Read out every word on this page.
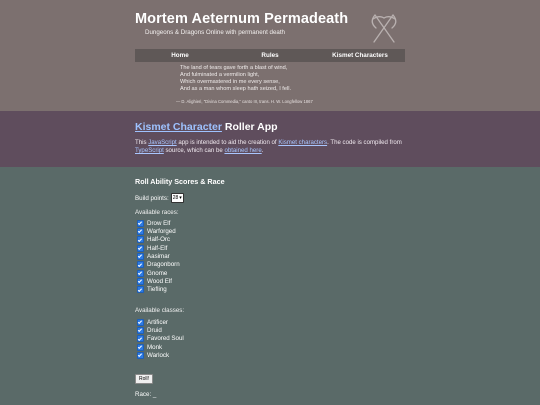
Mortem Aeternum Permadeath
Dungeons & Dragons Online with permanent death
Home	Rules	Kismet Characters
The land of tears gave forth a blast of wind,
And fulminated a vermilion light,
Which overmastered in me every sense,
And as a man whom sleep hath seized, I fell.
— D. Alighieri, "Divina Commedia," canto III, trans. H. W. Longfellow 1867
Kismet Character Roller App
This JavaScript app is intended to aid the creation of Kismet characters. The code is compiled from TypeScript source, which can be obtained here.
Roll Ability Scores & Race
Build points: 28 ▾
Available races:
Drow Elf
Warforged
Half-Orc
Half-Elf
Aasimar
Dragonborn
Gnome
Wood Elf
Tiefling
Available classes:
Artificer
Druid
Favored Soul
Monk
Warlock
Roll!
Race: _
